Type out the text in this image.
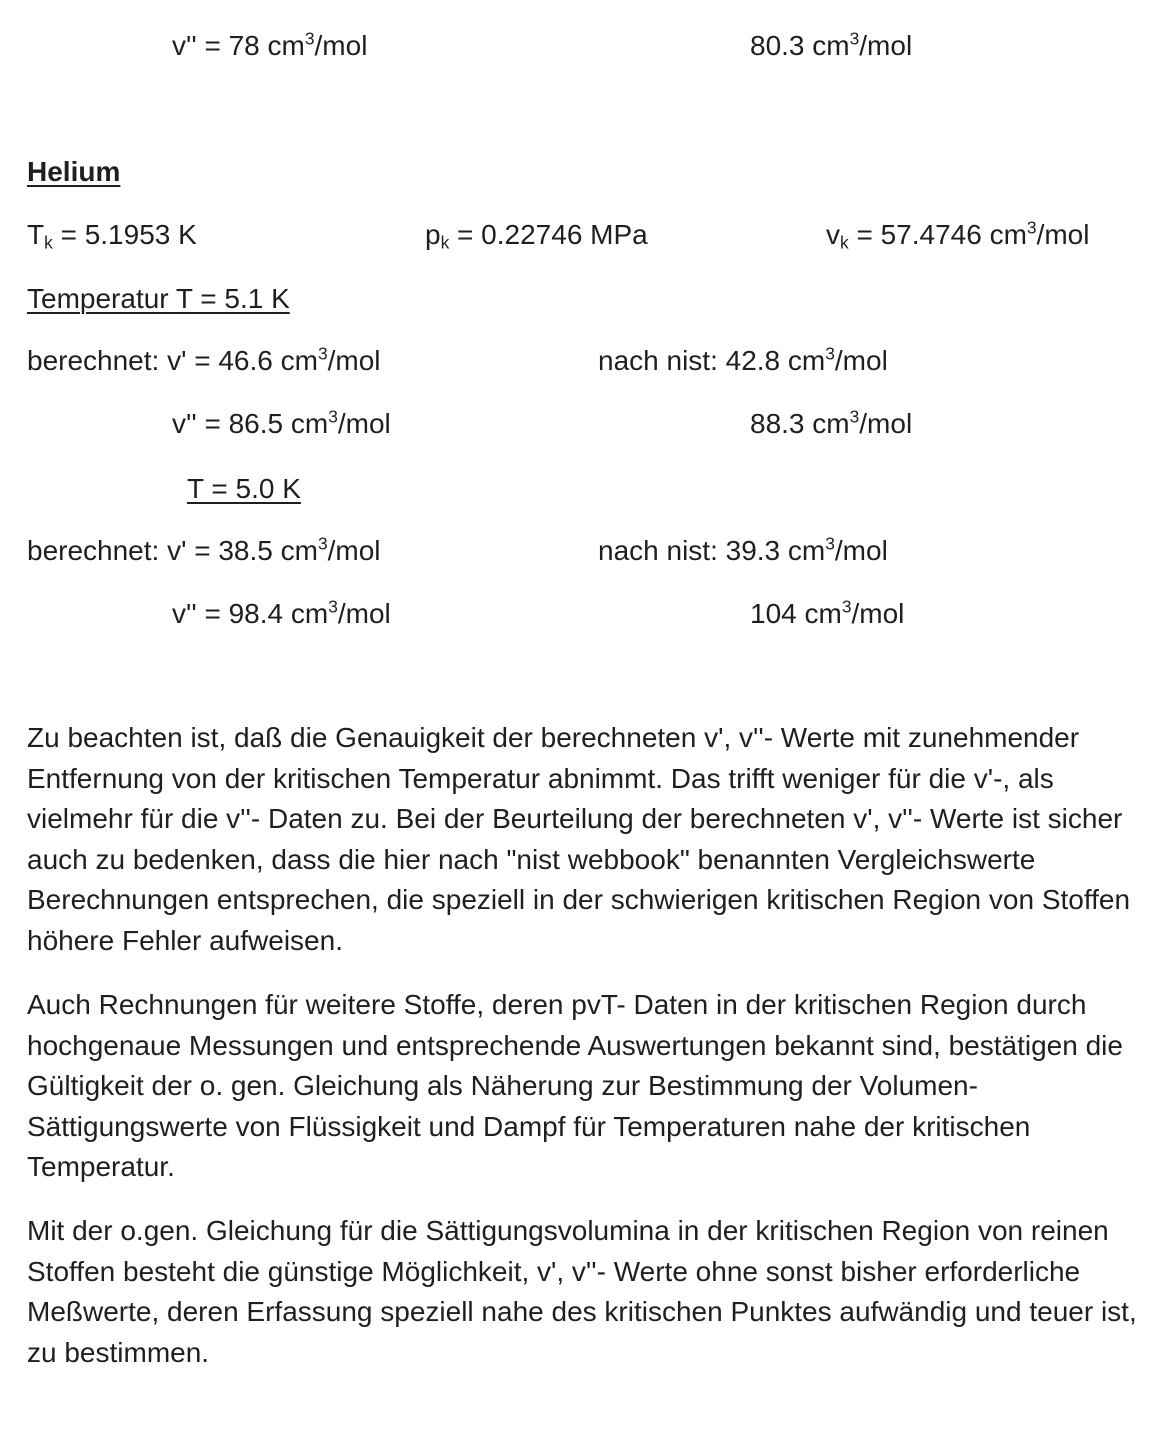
v'' = 78 $cm^3$/mol	80.3 $cm^3$/mol
Helium
$T_k = 5.1953$ K	$p_k = 0.22746$ MPa	$v_k = 57.4746$ $cm^3$/mol
Temperatur T = 5.1 K
berechnet: v' = 46.6 $cm^3$/mol	nach nist: 42.8 $cm^3$/mol
v'' = 86.5 $cm^3$/mol	88.3 $cm^3$/mol
T = 5.0 K
berechnet: v' = 38.5 $cm^3$/mol	nach nist: 39.3 $cm^3$/mol
v'' = 98.4 $cm^3$/mol	104 $cm^3$/mol

Zu beachten ist, daß die Genauigkeit der berechneten v', v''- Werte mit zunehmender Entfernung von der kritischen Temperatur abnimmt. Das trifft weniger für die v'-, als vielmehr für die v''- Daten zu. Bei der Beurteilung der berechneten v', v''- Werte ist sicher auch zu bedenken, dass die hier nach "nist webbook" benannten Vergleichswerte Berechnungen entsprechen, die speziell in der schwierigen kritischen Region von Stoffen höhere Fehler aufweisen.

Auch Rechnungen für weitere Stoffe, deren pvT- Daten in der kritischen Region durch hochgenaue Messungen und entsprechende Auswertungen bekannt sind, bestätigen die Gültigkeit der o. gen. Gleichung als Näherung zur Bestimmung der Volumen- Sättigungswerte von Flüssigkeit und Dampf für Temperaturen nahe der kritischen Temperatur.

Mit der o.gen. Gleichung für die Sättigungsvolumina in der kritischen Region von reinen Stoffen besteht die günstige Möglichkeit, v', v''- Werte ohne sonst bisher erforderliche Meßwerte, deren Erfassung speziell nahe des kritischen Punktes aufwändig und teuer ist, zu bestimmen.
